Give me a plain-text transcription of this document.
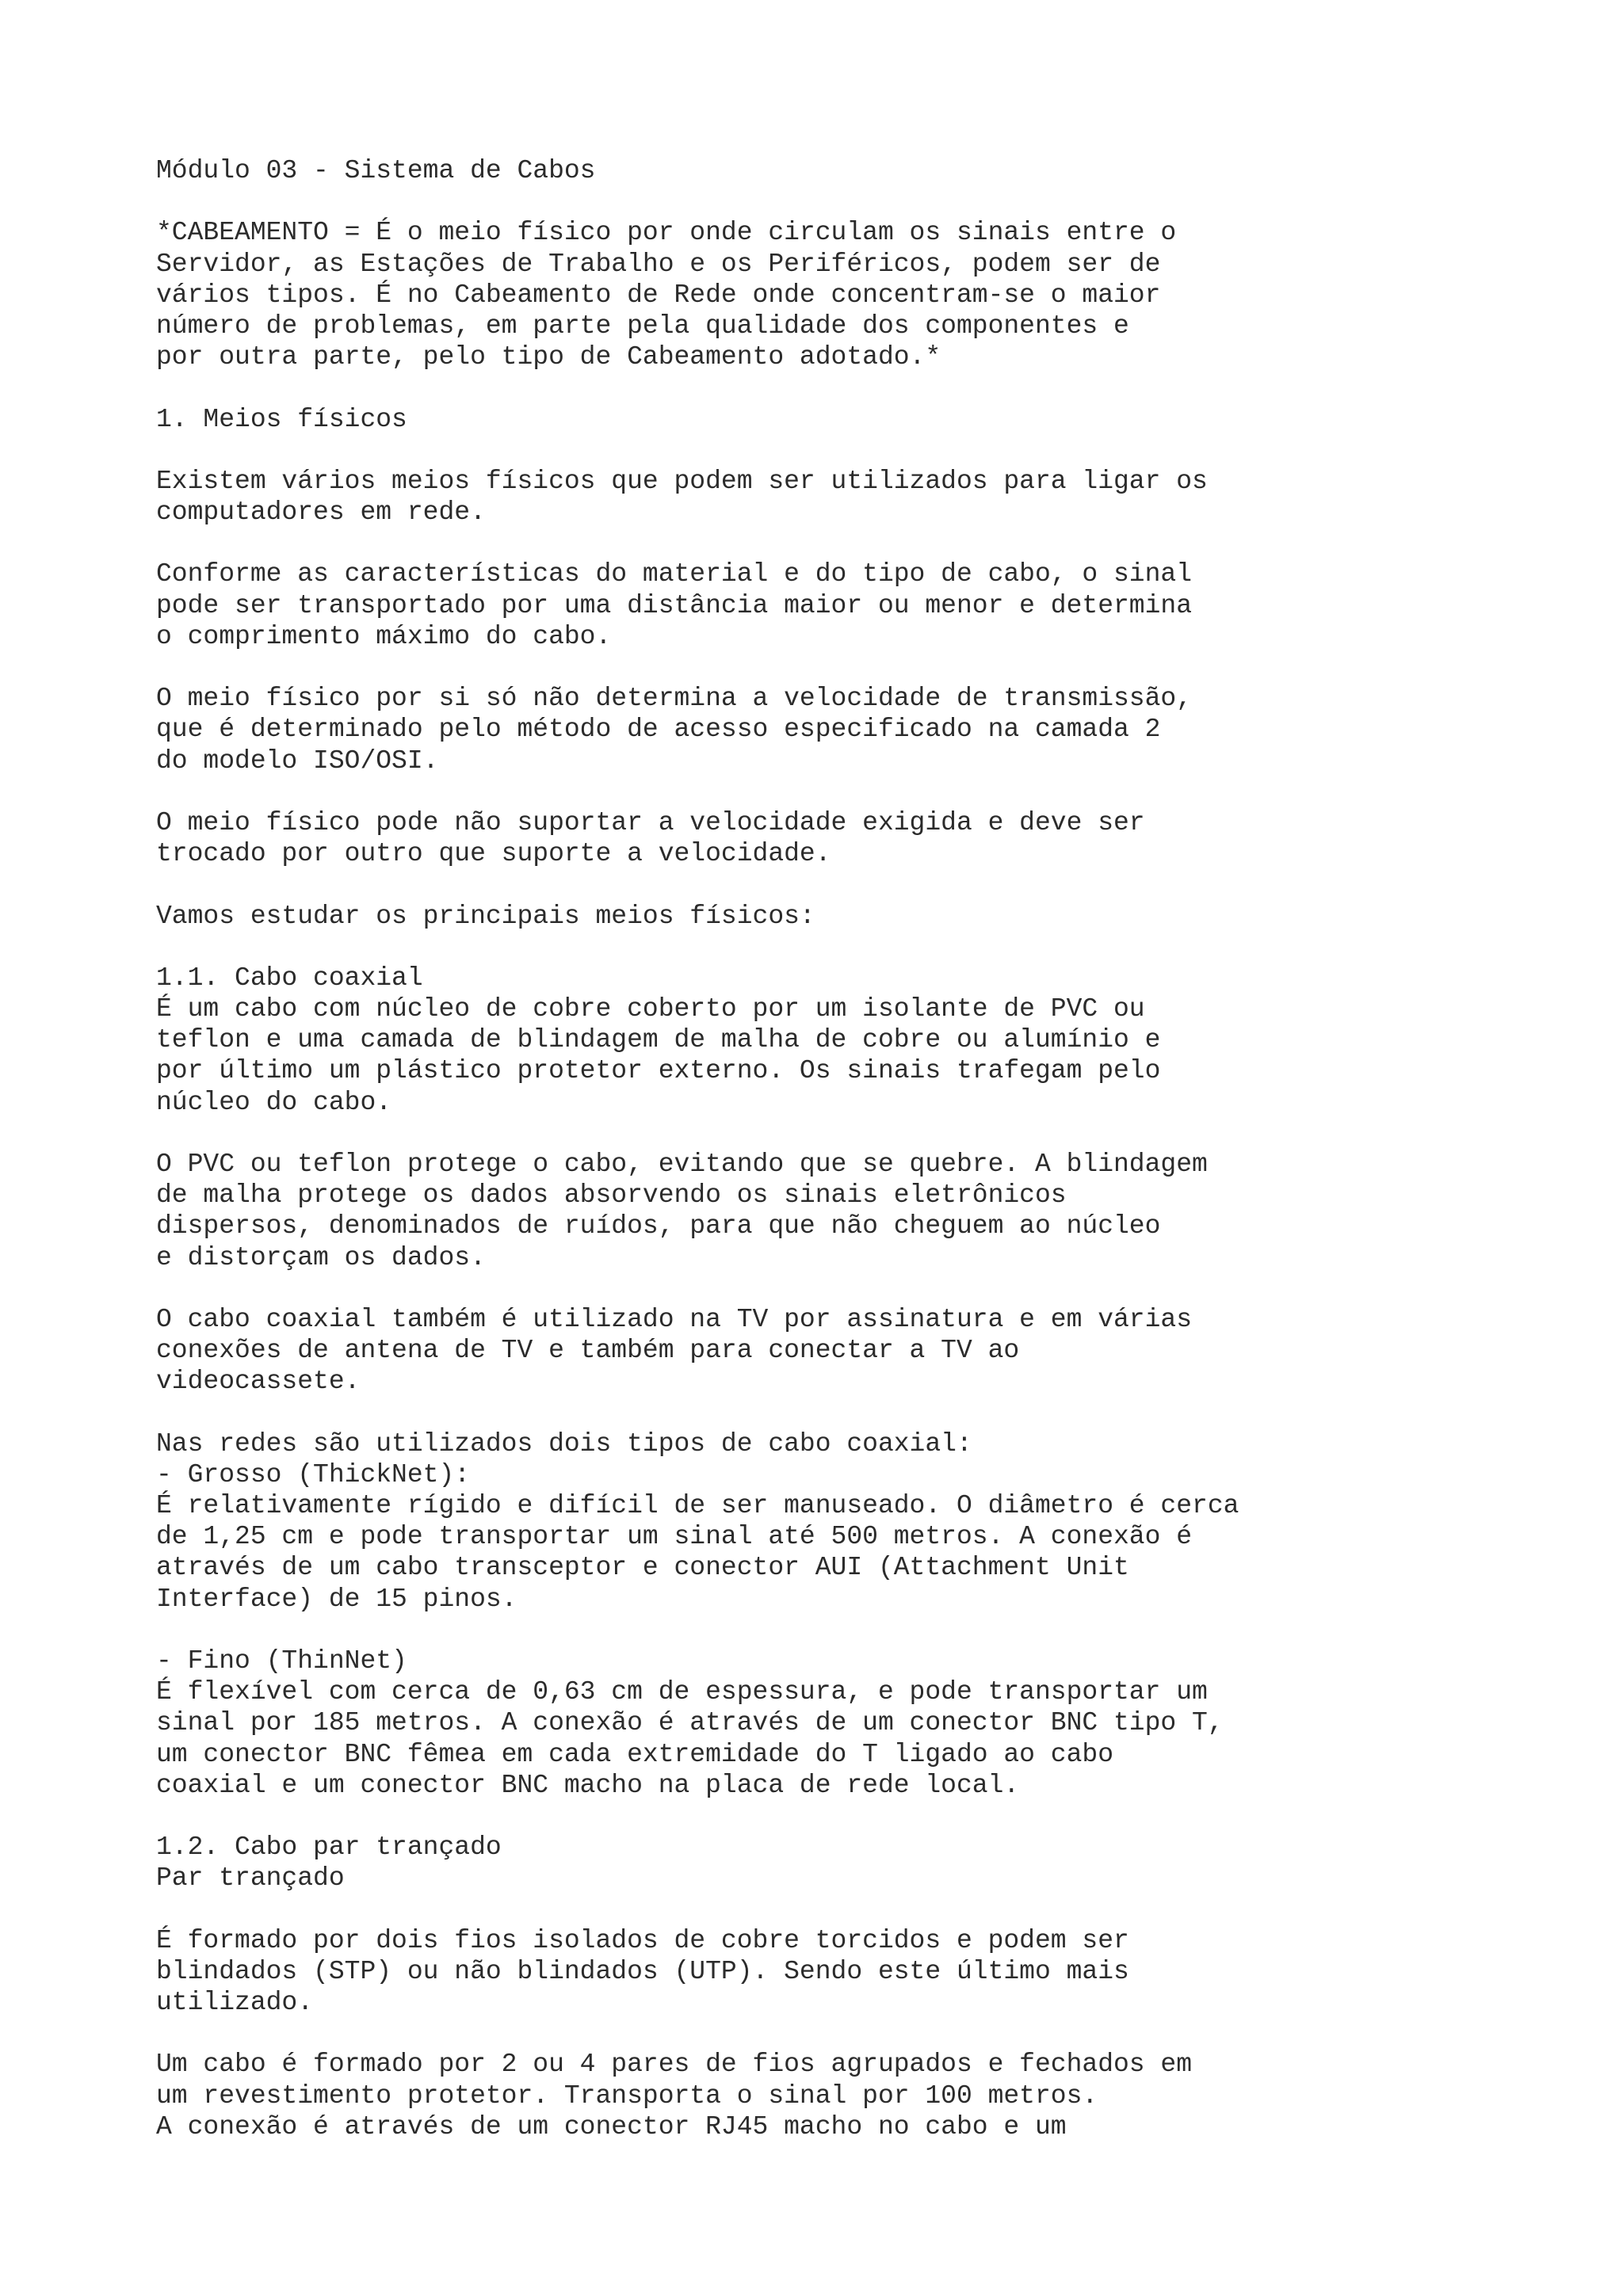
Módulo 03 - Sistema de Cabos
*CABEAMENTO = É o meio físico por onde circulam os sinais entre o
Servidor, as Estações de Trabalho e os Periféricos, podem ser de
vários tipos. É no Cabeamento de Rede onde concentram-se o maior
número de problemas, em parte pela qualidade dos componentes e
por outra parte, pelo tipo de Cabeamento adotado.*
1. Meios físicos
Existem vários meios físicos que podem ser utilizados para ligar os
computadores em rede.
Conforme as características do material e do tipo de cabo, o sinal
pode ser transportado por uma distância maior ou menor e determina
o comprimento máximo do cabo.
O meio físico por si só não determina a velocidade de transmissão,
que é determinado pelo método de acesso especificado na camada 2
do modelo ISO/OSI.
O meio físico pode não suportar a velocidade exigida e deve ser
trocado por outro que suporte a velocidade.
Vamos estudar os principais meios físicos:
1.1. Cabo coaxial
É um cabo com núcleo de cobre coberto por um isolante de PVC ou
teflon e uma camada de blindagem de malha de cobre ou alumínio e
por último um plástico protetor externo. Os sinais trafegam pelo
núcleo do cabo.
O PVC ou teflon protege o cabo, evitando que se quebre. A blindagem
de malha protege os dados absorvendo os sinais eletrônicos
dispersos, denominados de ruídos, para que não cheguem ao núcleo
e distorçam os dados.
O cabo coaxial também é utilizado na TV por assinatura e em várias
conexões de antena de TV e também para conectar a TV ao
videocassete.
Nas redes são utilizados dois tipos de cabo coaxial:
- Grosso (ThickNet):
É relativamente rígido e difícil de ser manuseado. O diâmetro é cerca
de 1,25 cm e pode transportar um sinal até 500 metros. A conexão é
através de um cabo transceptor e conector AUI (Attachment Unit
Interface) de 15 pinos.
- Fino (ThinNet)
É flexível com cerca de 0,63 cm de espessura, e pode transportar um
sinal por 185 metros. A conexão é através de um conector BNC tipo T,
um conector BNC fêmea em cada extremidade do T ligado ao cabo
coaxial e um conector BNC macho na placa de rede local.
1.2. Cabo par trançado
Par trançado
É formado por dois fios isolados de cobre torcidos e podem ser
blindados (STP) ou não blindados (UTP). Sendo este último mais
utilizado.
Um cabo é formado por 2 ou 4 pares de fios agrupados e fechados em
um revestimento protetor. Transporta o sinal por 100 metros.
A conexão é através de um conector RJ45 macho no cabo e um
